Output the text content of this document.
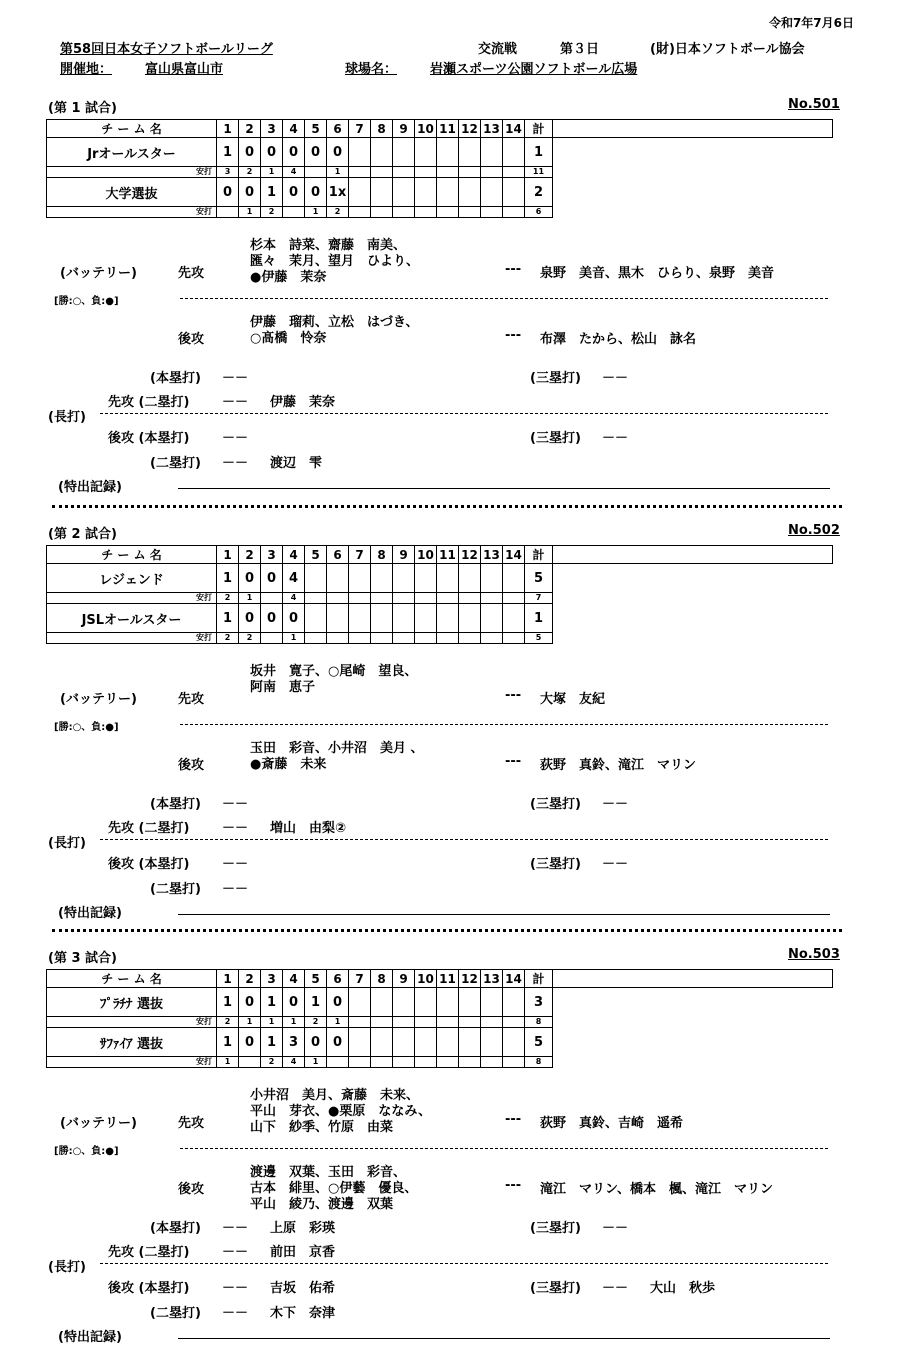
令和7年7月6日
第58回日本女子ソフトボールリーグ	交流戦	第３日	(財)日本ソフトボール協会
開催地：	富山県富山市	球場名：	岩瀬スポーツ公園ソフトボール広場
(第 1 試合)	No.501
チ ー ム 名	1	2	3	4	5	6	7	8	9	10	11	12	13	14	計	
Jrオールスター	1	0	0	0	0	0									1	
安打	3	2	1	4		1									11	
大学選抜	0	0	1	0	0	1x									2	
安打		1	2		1	2									6	
(バッテリー)	先攻
杉本　詩菜、齋藤　南美、
匯々　茉月、望月　ひより、
●伊藤　茉奈
--- 泉野　美音、黒木　ひらり、泉野　美音
[勝:○、負:●]
後攻
伊藤　瑠莉、立松　はづき、
○髙橋　怜奈	--- 布澤　たから、松山　詠名
(本塁打) －－	(三塁打) －－
先攻 (二塁打)	－－ 伊藤　茉奈
(長打)
後攻 (本塁打)	－－	(三塁打) －－
(二塁打) －－ 渡辺　雫
(特出記録)
(第 2 試合)	No.502
チ ー ム 名	1	2	3	4	5	6	7	8	9	10	11	12	13	14	計	
レジェンド	1	0	0	4											5	
安打	2	1		4											7	
JSLオールスター	1	0	0	0											1	
安打	2	2		1											5	
(バッテリー)	先攻
坂井　寛子、○尾崎　望良、
阿南　恵子
--- 大塚　友紀
[勝:○、負:●]
後攻
玉田　彩音、小井沼　美月 、
●斎藤　未来	--- 荻野　真鈴、滝江　マリン
(本塁打) －－	(三塁打) －－
先攻 (二塁打)	－－ 増山　由梨②
(長打)
後攻 (本塁打)	－－	(三塁打) －－
(二塁打) －－
(特出記録)
(第 3 試合)	No.503
チ ー ム 名	1	2	3	4	5	6	7	8	9	10	11	12	13	14	計	
ﾌﾟﾗﾁﾅ 選抜	1	0	1	0	1	0									3	
安打	2	1	1	1	2	1									8	
ｻﾌｧｲｱ 選抜	1	0	1	3	0	0									5	
安打	1		2	4	1										8	
(バッテリー)	先攻
小井沼　美月、斎藤　未来、
平山　芽衣、●栗原　ななみ、
山下　紗季、竹原　由菜
--- 荻野　真鈴、吉崎　遥希
[勝:○、負:●]
後攻
渡邊　双葉、玉田　彩音、
古本　緋里、○伊藝　優良、
平山　綾乃、渡邊　双葉
--- 滝江　マリン、橋本　楓、滝江　マリン
(本塁打) －－ 上原　彩瑛	(三塁打) －－
先攻 (二塁打)	－－ 前田　京香
(長打)
後攻 (本塁打)	－－ 吉坂　佑希	(三塁打) －－ 大山　秋歩
(二塁打) －－ 木下　奈津
(特出記録)
